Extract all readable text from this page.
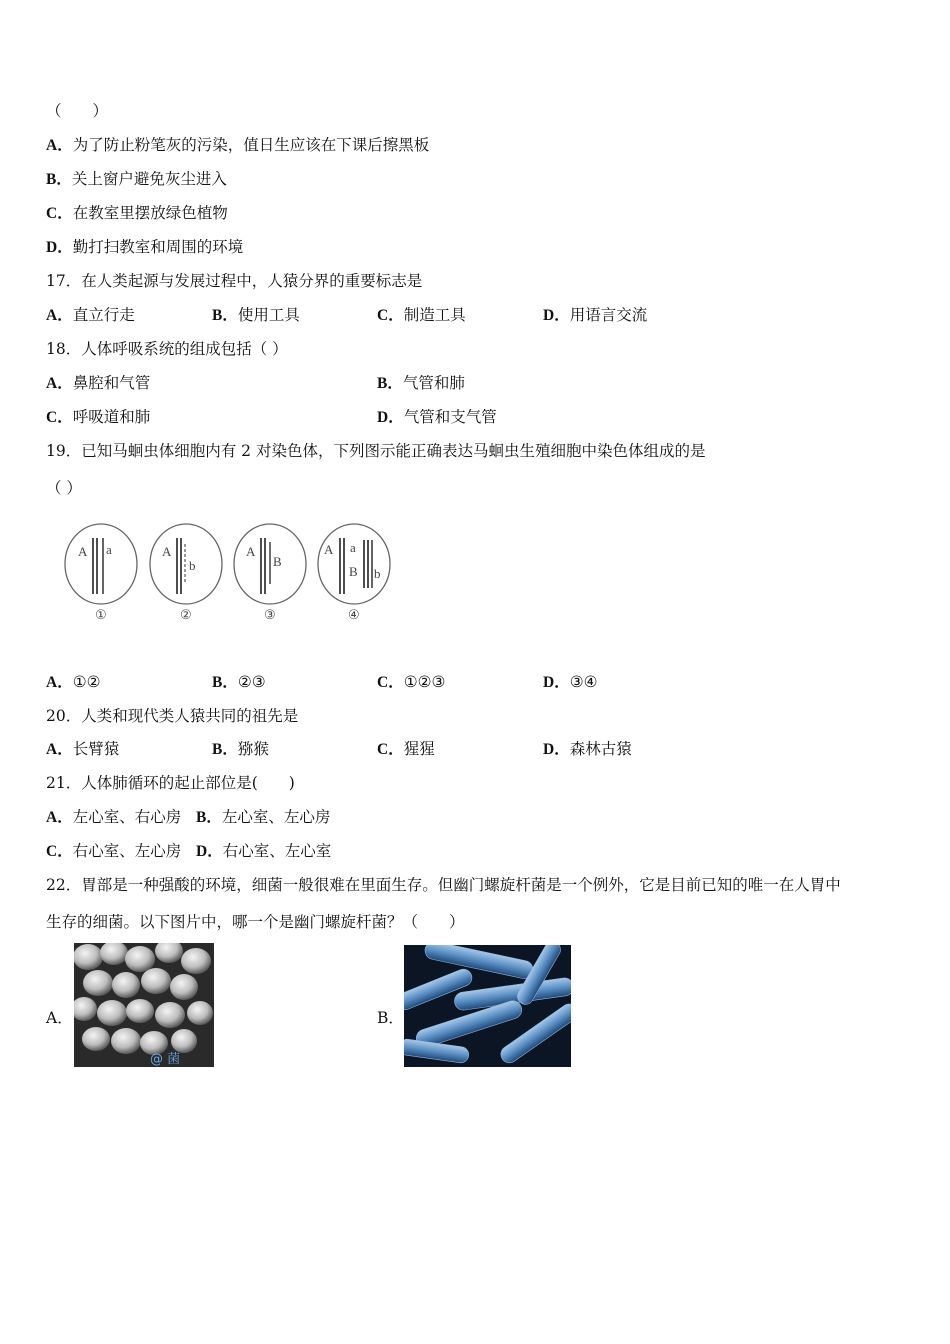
（　　）
A．为了防止粉笔灰的污染，值日生应该在下课后擦黑板
B．关上窗户避免灰尘进入
C．在教室里摆放绿色植物
D．勤打扫教室和周围的环境
17．在人类起源与发展过程中，人猿分界的重要标志是
A．直立行走	B．使用工具	C．制造工具	D．用语言交流
18．人体呼吸系统的组成包括（ ）
A．鼻腔和气管	B．气管和肺
C．呼吸道和肺	D．气管和支气管
19．已知马蛔虫体细胞内有 2 对染色体，下列图示能正确表达马蛔虫生殖细胞中染色体组成的是
（ ）
A a
①
A
b
②
A
B
③
A a
B b
④
A．①②	B．②③	C．①②③	D．③④
20．人类和现代类人猿共同的祖先是
A．长臂猿	B．猕猴	C．猩猩	D．森林古猿
21．人体肺循环的起止部位是(　　)
A．左心室、右心房 B．左心室、左心房
C．右心室、左心房 D．右心室、左心室
22．胃部是一种强酸的环境，细菌一般很难在里面生存。但幽门螺旋杆菌是一个例外，它是目前已知的唯一在人胃中
生存的细菌。以下图片中，哪一个是幽门螺旋杆菌？（　　）
A．
@ 菌
B．
